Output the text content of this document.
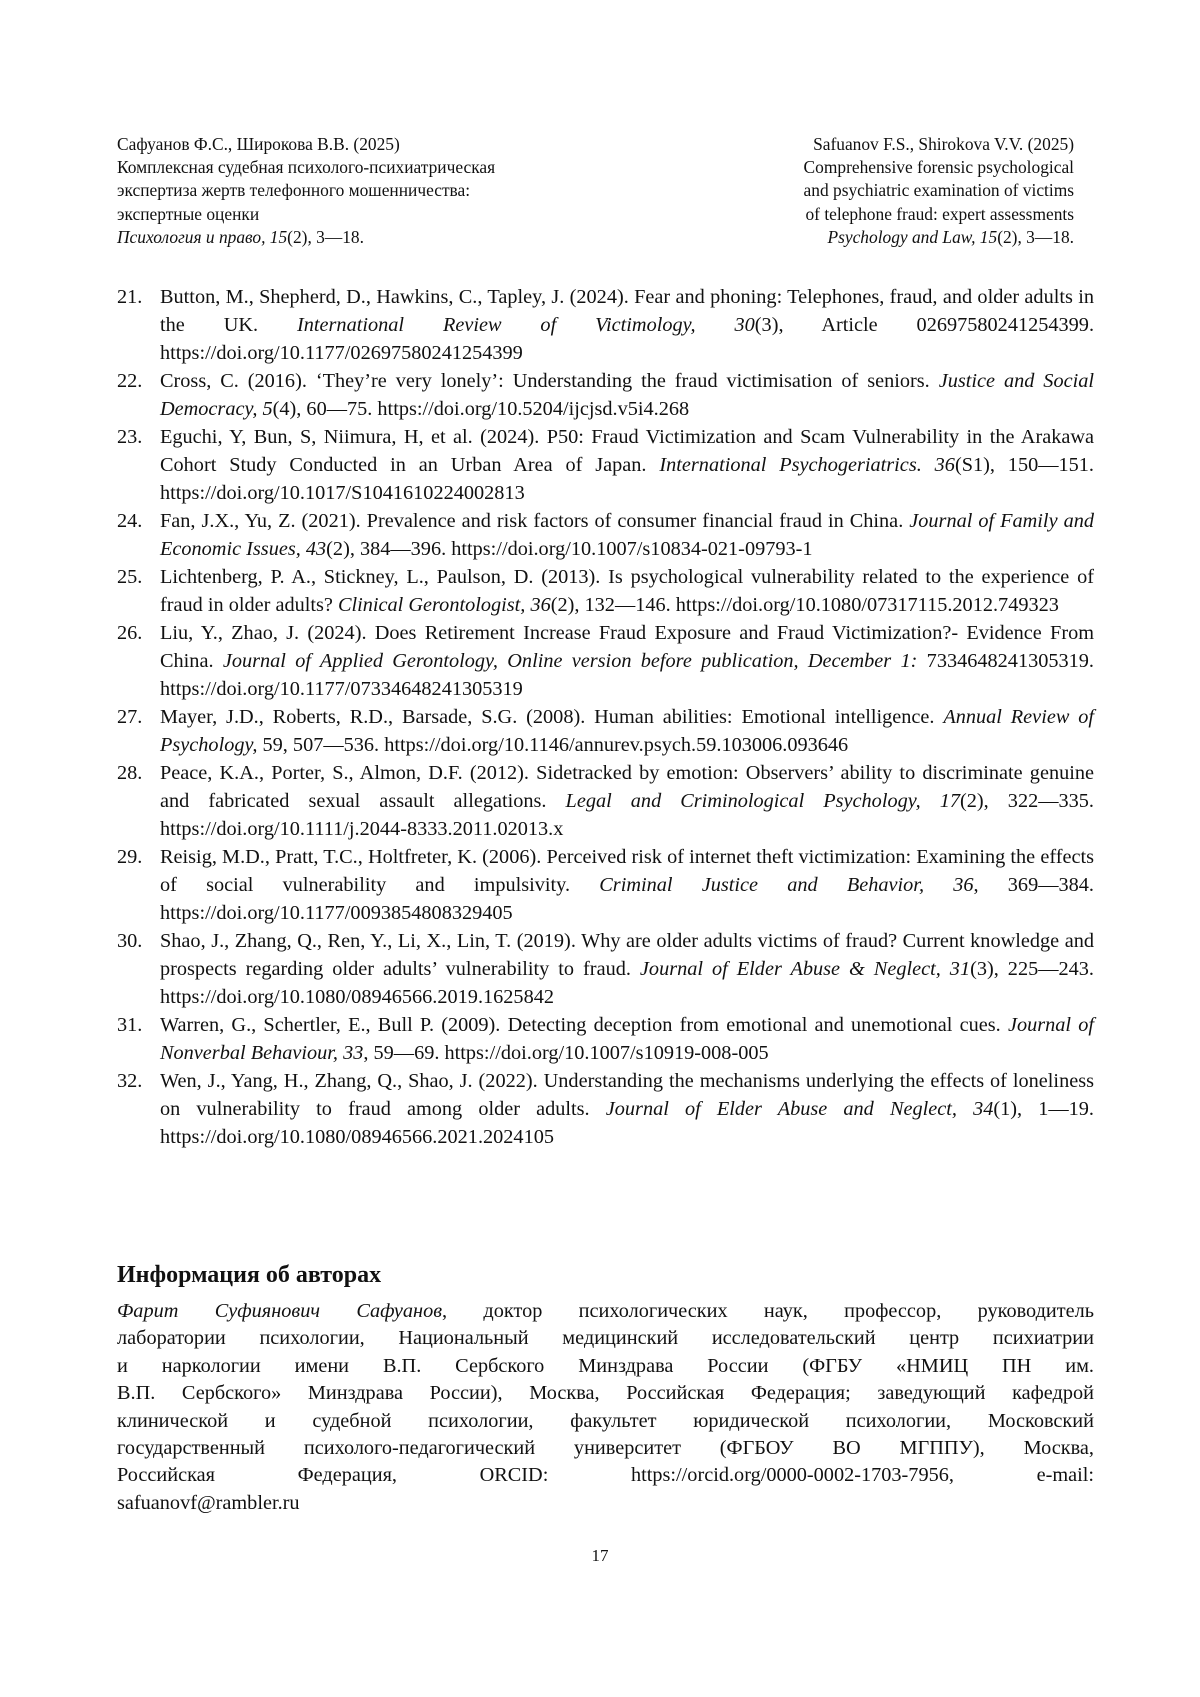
Сафуанов Ф.С., Широкова В.В. (2025)
Комплексная судебная психолого-психиатрическая
экспертиза жертв телефонного мошенничества:
экспертные оценки
Психология и право, 15(2), 3—18.
Safuanov F.S., Shirokova V.V. (2025)
Comprehensive forensic psychological
and psychiatric examination of victims
of telephone fraud: expert assessments
Psychology and Law, 15(2), 3—18.
21. Button, M., Shepherd, D., Hawkins, C., Tapley, J. (2024). Fear and phoning: Telephones, fraud, and older adults in the UK. International Review of Victimology, 30(3), Article 02697580241254399. https://doi.org/10.1177/02697580241254399
22. Cross, C. (2016). ‘They’re very lonely’: Understanding the fraud victimisation of seniors. Justice and Social Democracy, 5(4), 60—75. https://doi.org/10.5204/ijcjsd.v5i4.268
23. Eguchi, Y, Bun, S, Niimura, H, et al. (2024). P50: Fraud Victimization and Scam Vulnerability in the Arakawa Cohort Study Conducted in an Urban Area of Japan. International Psychogeriatrics. 36(S1), 150—151. https://doi.org/10.1017/S1041610224002813
24. Fan, J.X., Yu, Z. (2021). Prevalence and risk factors of consumer financial fraud in China. Journal of Family and Economic Issues, 43(2), 384—396. https://doi.org/10.1007/s10834-021-09793-1
25. Lichtenberg, P. A., Stickney, L., Paulson, D. (2013). Is psychological vulnerability related to the experience of fraud in older adults? Clinical Gerontologist, 36(2), 132—146. https://doi.org/10.1080/07317115.2012.749323
26. Liu, Y., Zhao, J. (2024). Does Retirement Increase Fraud Exposure and Fraud Victimization?- Evidence From China. Journal of Applied Gerontology, Online version before publication, December 1: 7334648241305319. https://doi.org/10.1177/07334648241305319
27. Mayer, J.D., Roberts, R.D., Barsade, S.G. (2008). Human abilities: Emotional intelligence. Annual Review of Psychology, 59, 507—536. https://doi.org/10.1146/annurev.psych.59.103006.093646
28. Peace, K.A., Porter, S., Almon, D.F. (2012). Sidetracked by emotion: Observers’ ability to discriminate genuine and fabricated sexual assault allegations. Legal and Criminological Psychology, 17(2), 322—335. https://doi.org/10.1111/j.2044-8333.2011.02013.x
29. Reisig, M.D., Pratt, T.C., Holtfreter, K. (2006). Perceived risk of internet theft victimization: Examining the effects of social vulnerability and impulsivity. Criminal Justice and Behavior, 36, 369—384. https://doi.org/10.1177/0093854808329405
30. Shao, J., Zhang, Q., Ren, Y., Li, X., Lin, T. (2019). Why are older adults victims of fraud? Current knowledge and prospects regarding older adults’ vulnerability to fraud. Journal of Elder Abuse & Neglect, 31(3), 225—243. https://doi.org/10.1080/08946566.2019.1625842
31. Warren, G., Schertler, E., Bull P. (2009). Detecting deception from emotional and unemotional cues. Journal of Nonverbal Behaviour, 33, 59—69. https://doi.org/10.1007/s10919-008-005
32. Wen, J., Yang, H., Zhang, Q., Shao, J. (2022). Understanding the mechanisms underlying the effects of loneliness on vulnerability to fraud among older adults. Journal of Elder Abuse and Neglect, 34(1), 1—19. https://doi.org/10.1080/08946566.2021.2024105
Информация об авторах
Фарит Суфиянович Сафуанов, доктор психологических наук, профессор, руководитель
лаборатории психологии, Национальный медицинский исследовательский центр психиатрии
и наркологии имени В.П. Сербского Минздрава России (ФГБУ «НМИЦ ПН им.
В.П. Сербского» Минздрава России), Москва, Российская Федерация; заведующий кафедрой
клинической и судебной психологии, факультет юридической психологии, Московский
государственный психолого-педагогический университет (ФГБОУ ВО МГППУ), Москва,
Российская Федерация, ORCID: https://orcid.org/0000-0002-1703-7956, e-mail:
safuanovf@rambler.ru
17
